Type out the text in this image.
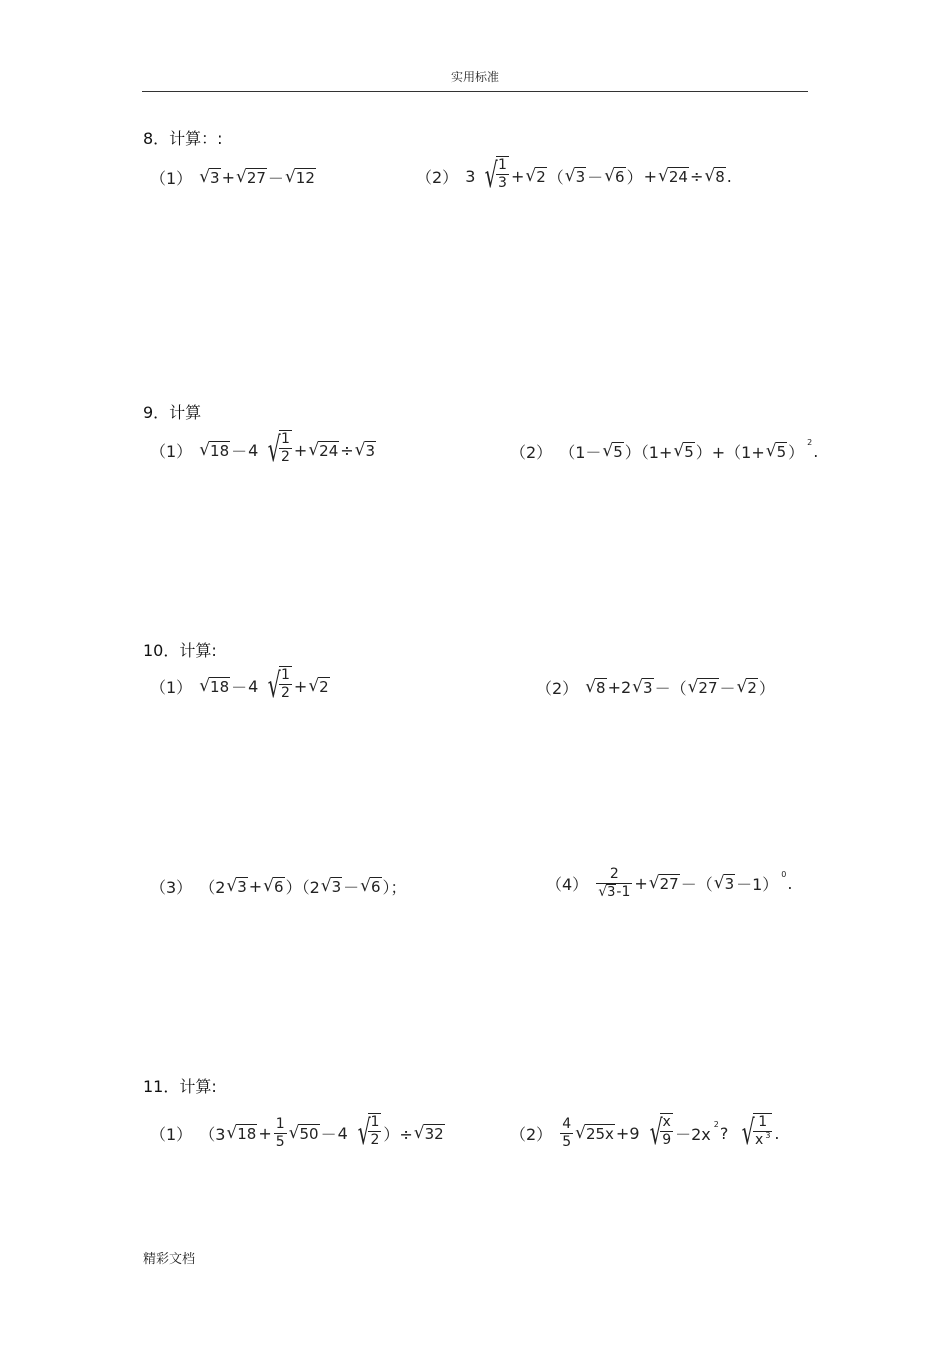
实用标准
8．计算：:
（1） √ 3 + √ 27 － √ 12	（2） 3 √
$\frac{1}{3}$ + √ 2 （ √ 3 － √ 6 ） + √ 24 ÷ √ 8 .
9．计算
（1） √ 18 － 4 √
$\frac{1}{2}$ + √ 24 ÷ √ 3	（2） （1－ √ 5 ）（1+ √ 5 ）+（1+ √ 5 ）
2 .
10．计算:
（1） √ 18 － 4 √
$\frac{1}{2}$ + √ 2	（2） √ 8 +2 √ 3 －（ √ 27 － √ 2 ）
（3） （2 √ 3 + √ 6 ）（2 √ 3 － √ 6 ）；	$(4) \frac{2}{√ 3 -1}$ + √ 27 －（ √ 3 －1）
0 .
11．计算:
（1） （3 √ $18 + \frac{1}{5}$ √ 50 － 4 √
$\frac{1}{2}$ ）÷ √ 32	$(2) \frac{4}{5}$ √ 25x +9 √
$\frac{x}{9} -2x$
2 ? √
$\frac{1}{x ^3}$ .
精彩文档
